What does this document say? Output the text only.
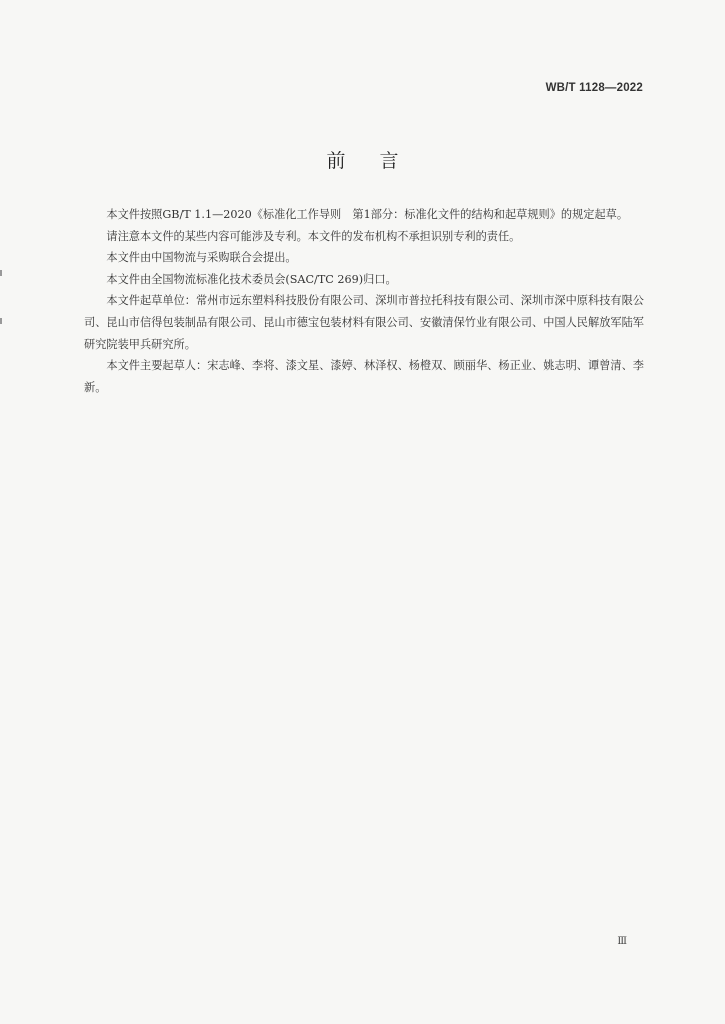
WB/T 1128—2022
前言

本文件按照GB/T 1.1—2020《标准化工作导则　第1部分：标准化文件的结构和起草规则》的规定起草。

请注意本文件的某些内容可能涉及专利。本文件的发布机构不承担识别专利的责任。

本文件由中国物流与采购联合会提出。

本文件由全国物流标准化技术委员会(SAC/TC 269)归口。

本文件起草单位：常州市远东塑料科技股份有限公司、深圳市普拉托科技有限公司、深圳市深中原科技有限公司、昆山市信得包装制品有限公司、昆山市德宝包装材料有限公司、安徽清保竹业有限公司、中国人民解放军陆军研究院装甲兵研究所。

本文件主要起草人：宋志峰、李将、漆文星、漆婷、林泽权、杨橙双、顾丽华、杨正业、姚志明、谭曾清、李新。

Ⅲ
